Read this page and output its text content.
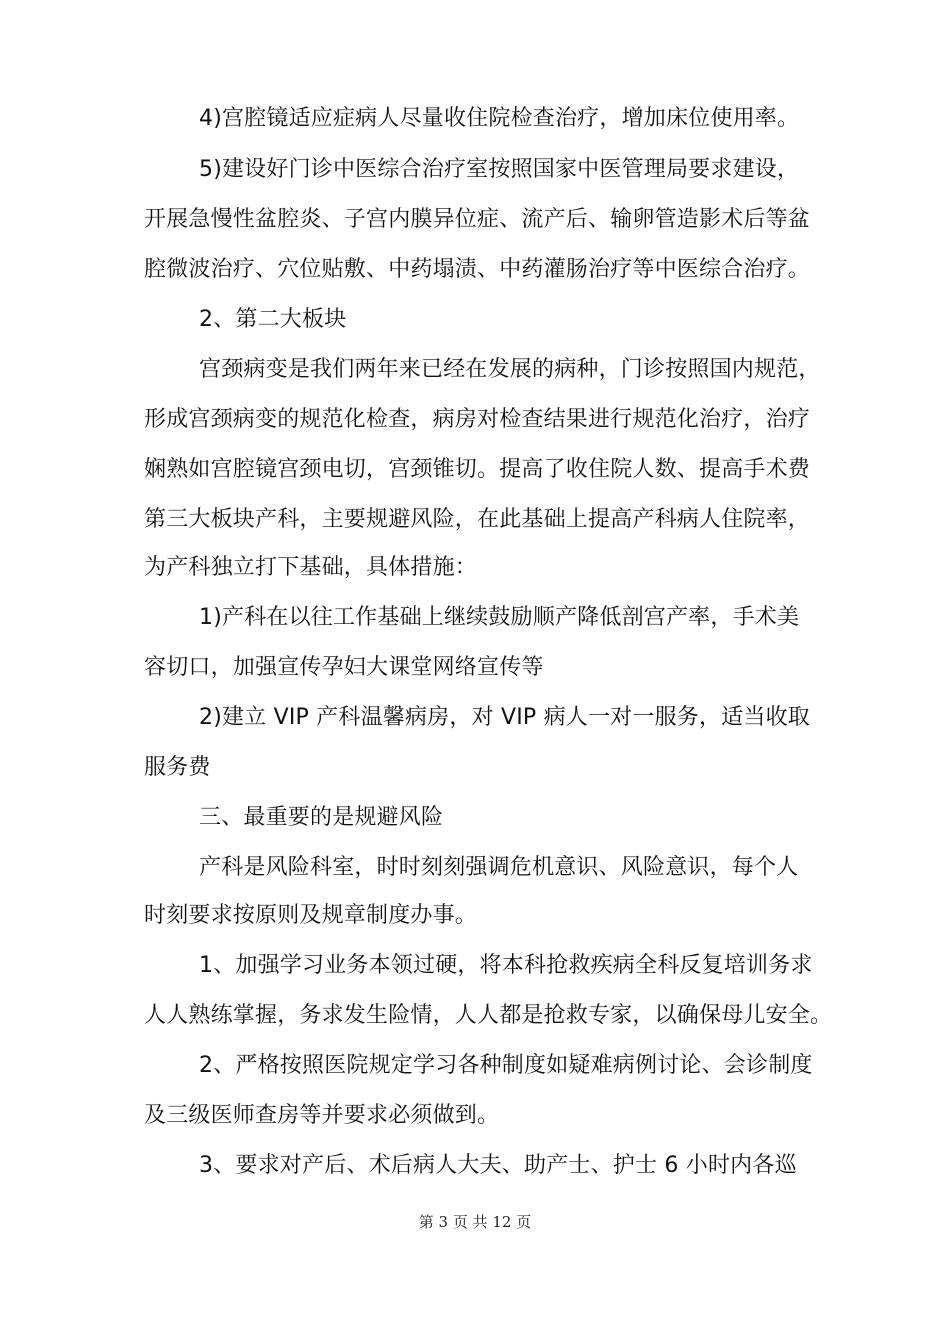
4)宫腔镜适应症病人尽量收住院检查治疗，增加床位使用率。
5)建设好门诊中医综合治疗室按照国家中医管理局要求建设，
开展急慢性盆腔炎、子宫内膜异位症、流产后、输卵管造影术后等盆
腔微波治疗、穴位贴敷、中药塌渍、中药灌肠治疗等中医综合治疗。
2、第二大板块
宫颈病变是我们两年来已经在发展的病种，门诊按照国内规范，
形成宫颈病变的规范化检查，病房对检查结果进行规范化治疗，治疗
娴熟如宫腔镜宫颈电切，宫颈锥切。提高了收住院人数、提高手术费
第三大板块产科，主要规避风险，在此基础上提高产科病人住院率，
为产科独立打下基础，具体措施：
1)产科在以往工作基础上继续鼓励顺产降低剖宫产率，手术美
容切口，加强宣传孕妇大课堂网络宣传等
2)建立 VIP 产科温馨病房，对 VIP 病人一对一服务，适当收取
服务费
三、最重要的是规避风险
产科是风险科室，时时刻刻强调危机意识、风险意识，每个人
时刻要求按原则及规章制度办事。
1、加强学习业务本领过硬，将本科抢救疾病全科反复培训务求
人人熟练掌握，务求发生险情，人人都是抢救专家，以确保母儿安全。
2、严格按照医院规定学习各种制度如疑难病例讨论、会诊制度
及三级医师查房等并要求必须做到。
3、要求对产后、术后病人大夫、助产士、护士 6 小时内各巡
第 3 页 共 12 页
